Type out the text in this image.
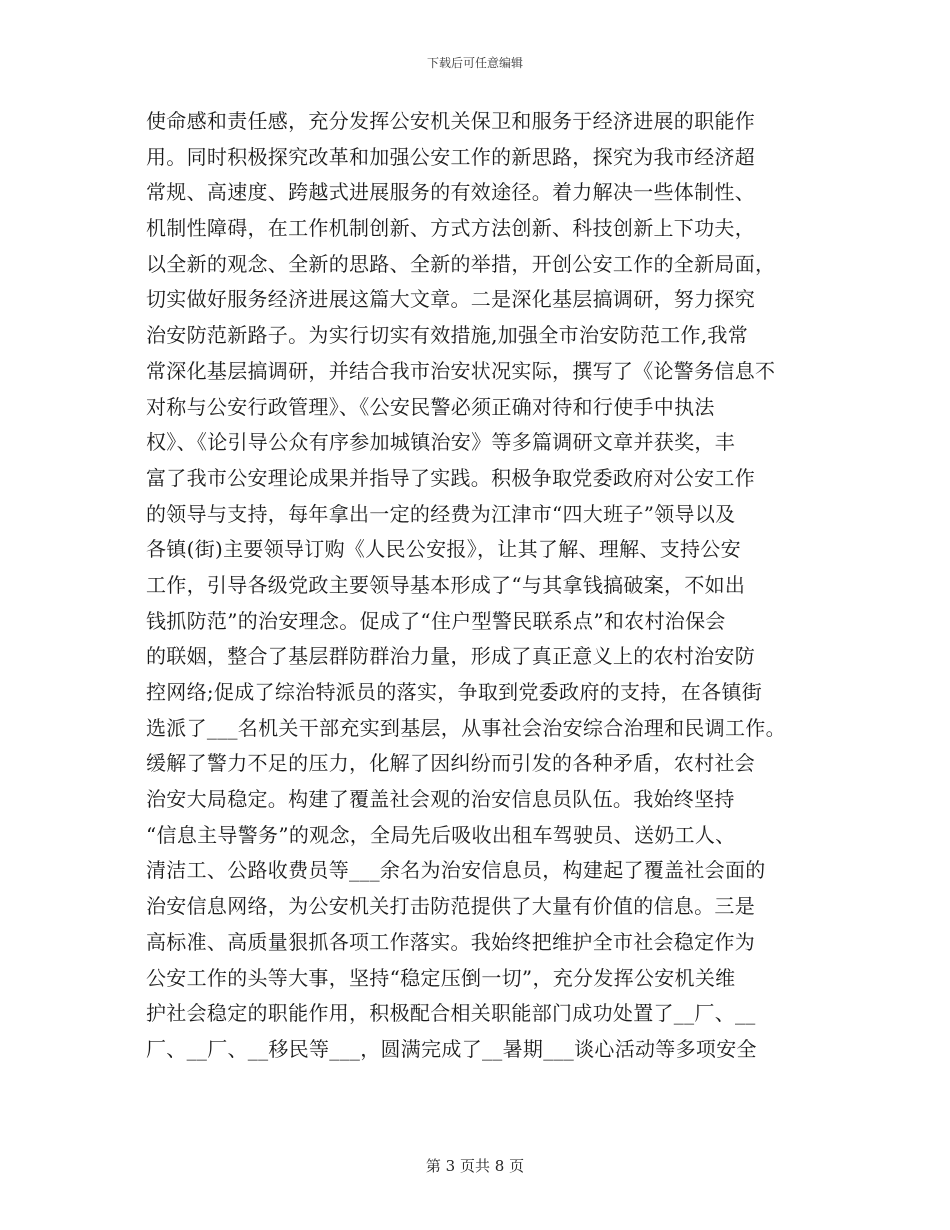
下载后可任意编辑
使命感和责任感，充分发挥公安机关保卫和服务于经济进展的职能作
用。同时积极探究改革和加强公安工作的新思路，探究为我市经济超
常规、高速度、跨越式进展服务的有效途径。着力解决一些体制性、
机制性障碍，在工作机制创新、方式方法创新、科技创新上下功夫，
以全新的观念、全新的思路、全新的举措，开创公安工作的全新局面，
切实做好服务经济进展这篇大文章。二是深化基层搞调研，努力探究
治安防范新路子。为实行切实有效措施,加强全市治安防范工作,我常
常深化基层搞调研，并结合我市治安状况实际，撰写了《论警务信息不
对称与公安行政管理》、《公安民警必须正确对待和行使手中执法
权》、《论引导公众有序参加城镇治安》等多篇调研文章并获奖，丰
富了我市公安理论成果并指导了实践。积极争取党委政府对公安工作
的领导与支持，每年拿出一定的经费为江津市“四大班子”领导以及
各镇(街)主要领导订购《人民公安报》，让其了解、理解、支持公安
工作，引导各级党政主要领导基本形成了“与其拿钱搞破案，不如出
钱抓防范”的治安理念。促成了“住户型警民联系点”和农村治保会
的联姻，整合了基层群防群治力量，形成了真正意义上的农村治安防
控网络;促成了综治特派员的落实，争取到党委政府的支持，在各镇街
选派了___名机关干部充实到基层，从事社会治安综合治理和民调工作。
缓解了警力不足的压力，化解了因纠纷而引发的各种矛盾，农村社会
治安大局稳定。构建了覆盖社会观的治安信息员队伍。我始终坚持
“信息主导警务”的观念，全局先后吸收出租车驾驶员、送奶工人、
清洁工、公路收费员等___余名为治安信息员，构建起了覆盖社会面的
治安信息网络，为公安机关打击防范提供了大量有价值的信息。三是
高标准、高质量狠抓各项工作落实。我始终把维护全市社会稳定作为
公安工作的头等大事，坚持“稳定压倒一切”，充分发挥公安机关维
护社会稳定的职能作用，积极配合相关职能部门成功处置了__厂、__
厂、__厂、__移民等___，圆满完成了__暑期___谈心活动等多项安全
第 3 页共 8 页
